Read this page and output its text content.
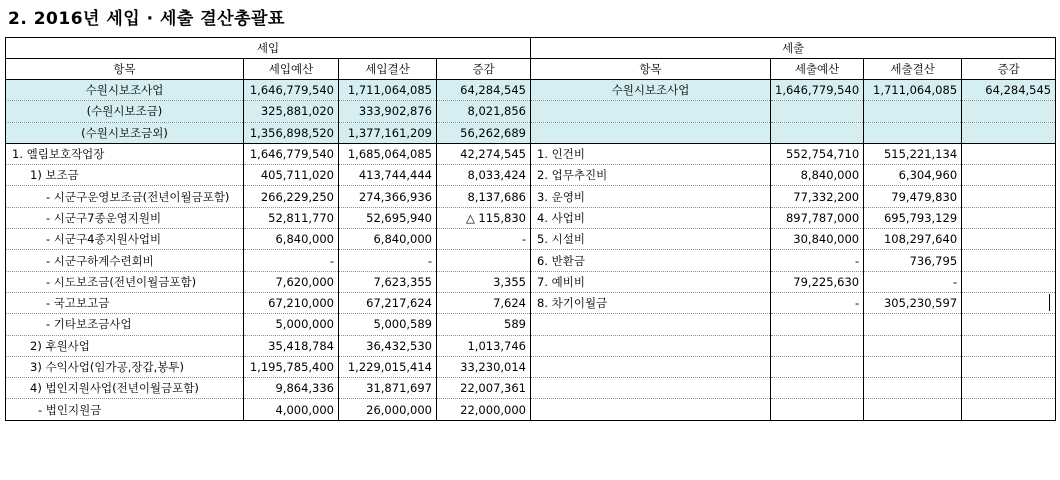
2. 2016년 세입 · 세출 결산총괄표
세입				세출			
항목	세입예산	세입결산	증감	항목	세출예산	세출결산	증감
수원시보조사업	1,646,779,540	1,711,064,085	64,284,545	수원시보조사업	1,646,779,540	1,711,064,085	64,284,545
(수원시보조금)	325,881,020	333,902,876	8,021,856				
(수원시보조금외)	1,356,898,520	1,377,161,209	56,262,689				
1. 엘림보호작업장	1,646,779,540	1,685,064,085	42,274,545	1. 인건비	552,754,710	515,221,134	
1) 보조금	405,711,020	413,744,444	8,033,424	2. 업무추진비	8,840,000	6,304,960	
- 시군구운영보조금(전년이월금포함)	266,229,250	274,366,936	8,137,686	3. 운영비	77,332,200	79,479,830	
- 시군구7종운영지원비	52,811,770	52,695,940	△ 115,830	4. 사업비	897,787,000	695,793,129	
- 시군구4종지원사업비	6,840,000	6,840,000	-	5. 시설비	30,840,000	108,297,640	
- 시군구하계수련회비	-	-		6. 반환금	-	736,795	
- 시도보조금(전년이월금포함)	7,620,000	7,623,355	3,355	7. 예비비	79,225,630	-	
- 국고보고금	67,210,000	67,217,624	7,624	8. 차기이월금	-	305,230,597	
- 기타보조금사업	5,000,000	5,000,589	589				
2) 후원사업	35,418,784	36,432,530	1,013,746				
3) 수익사업(임가공,장갑,봉투)	1,195,785,400	1,229,015,414	33,230,014				
4) 법인지원사업(전년이월금포함)	9,864,336	31,871,697	22,007,361				
- 법인지원금	4,000,000	26,000,000	22,000,000				
